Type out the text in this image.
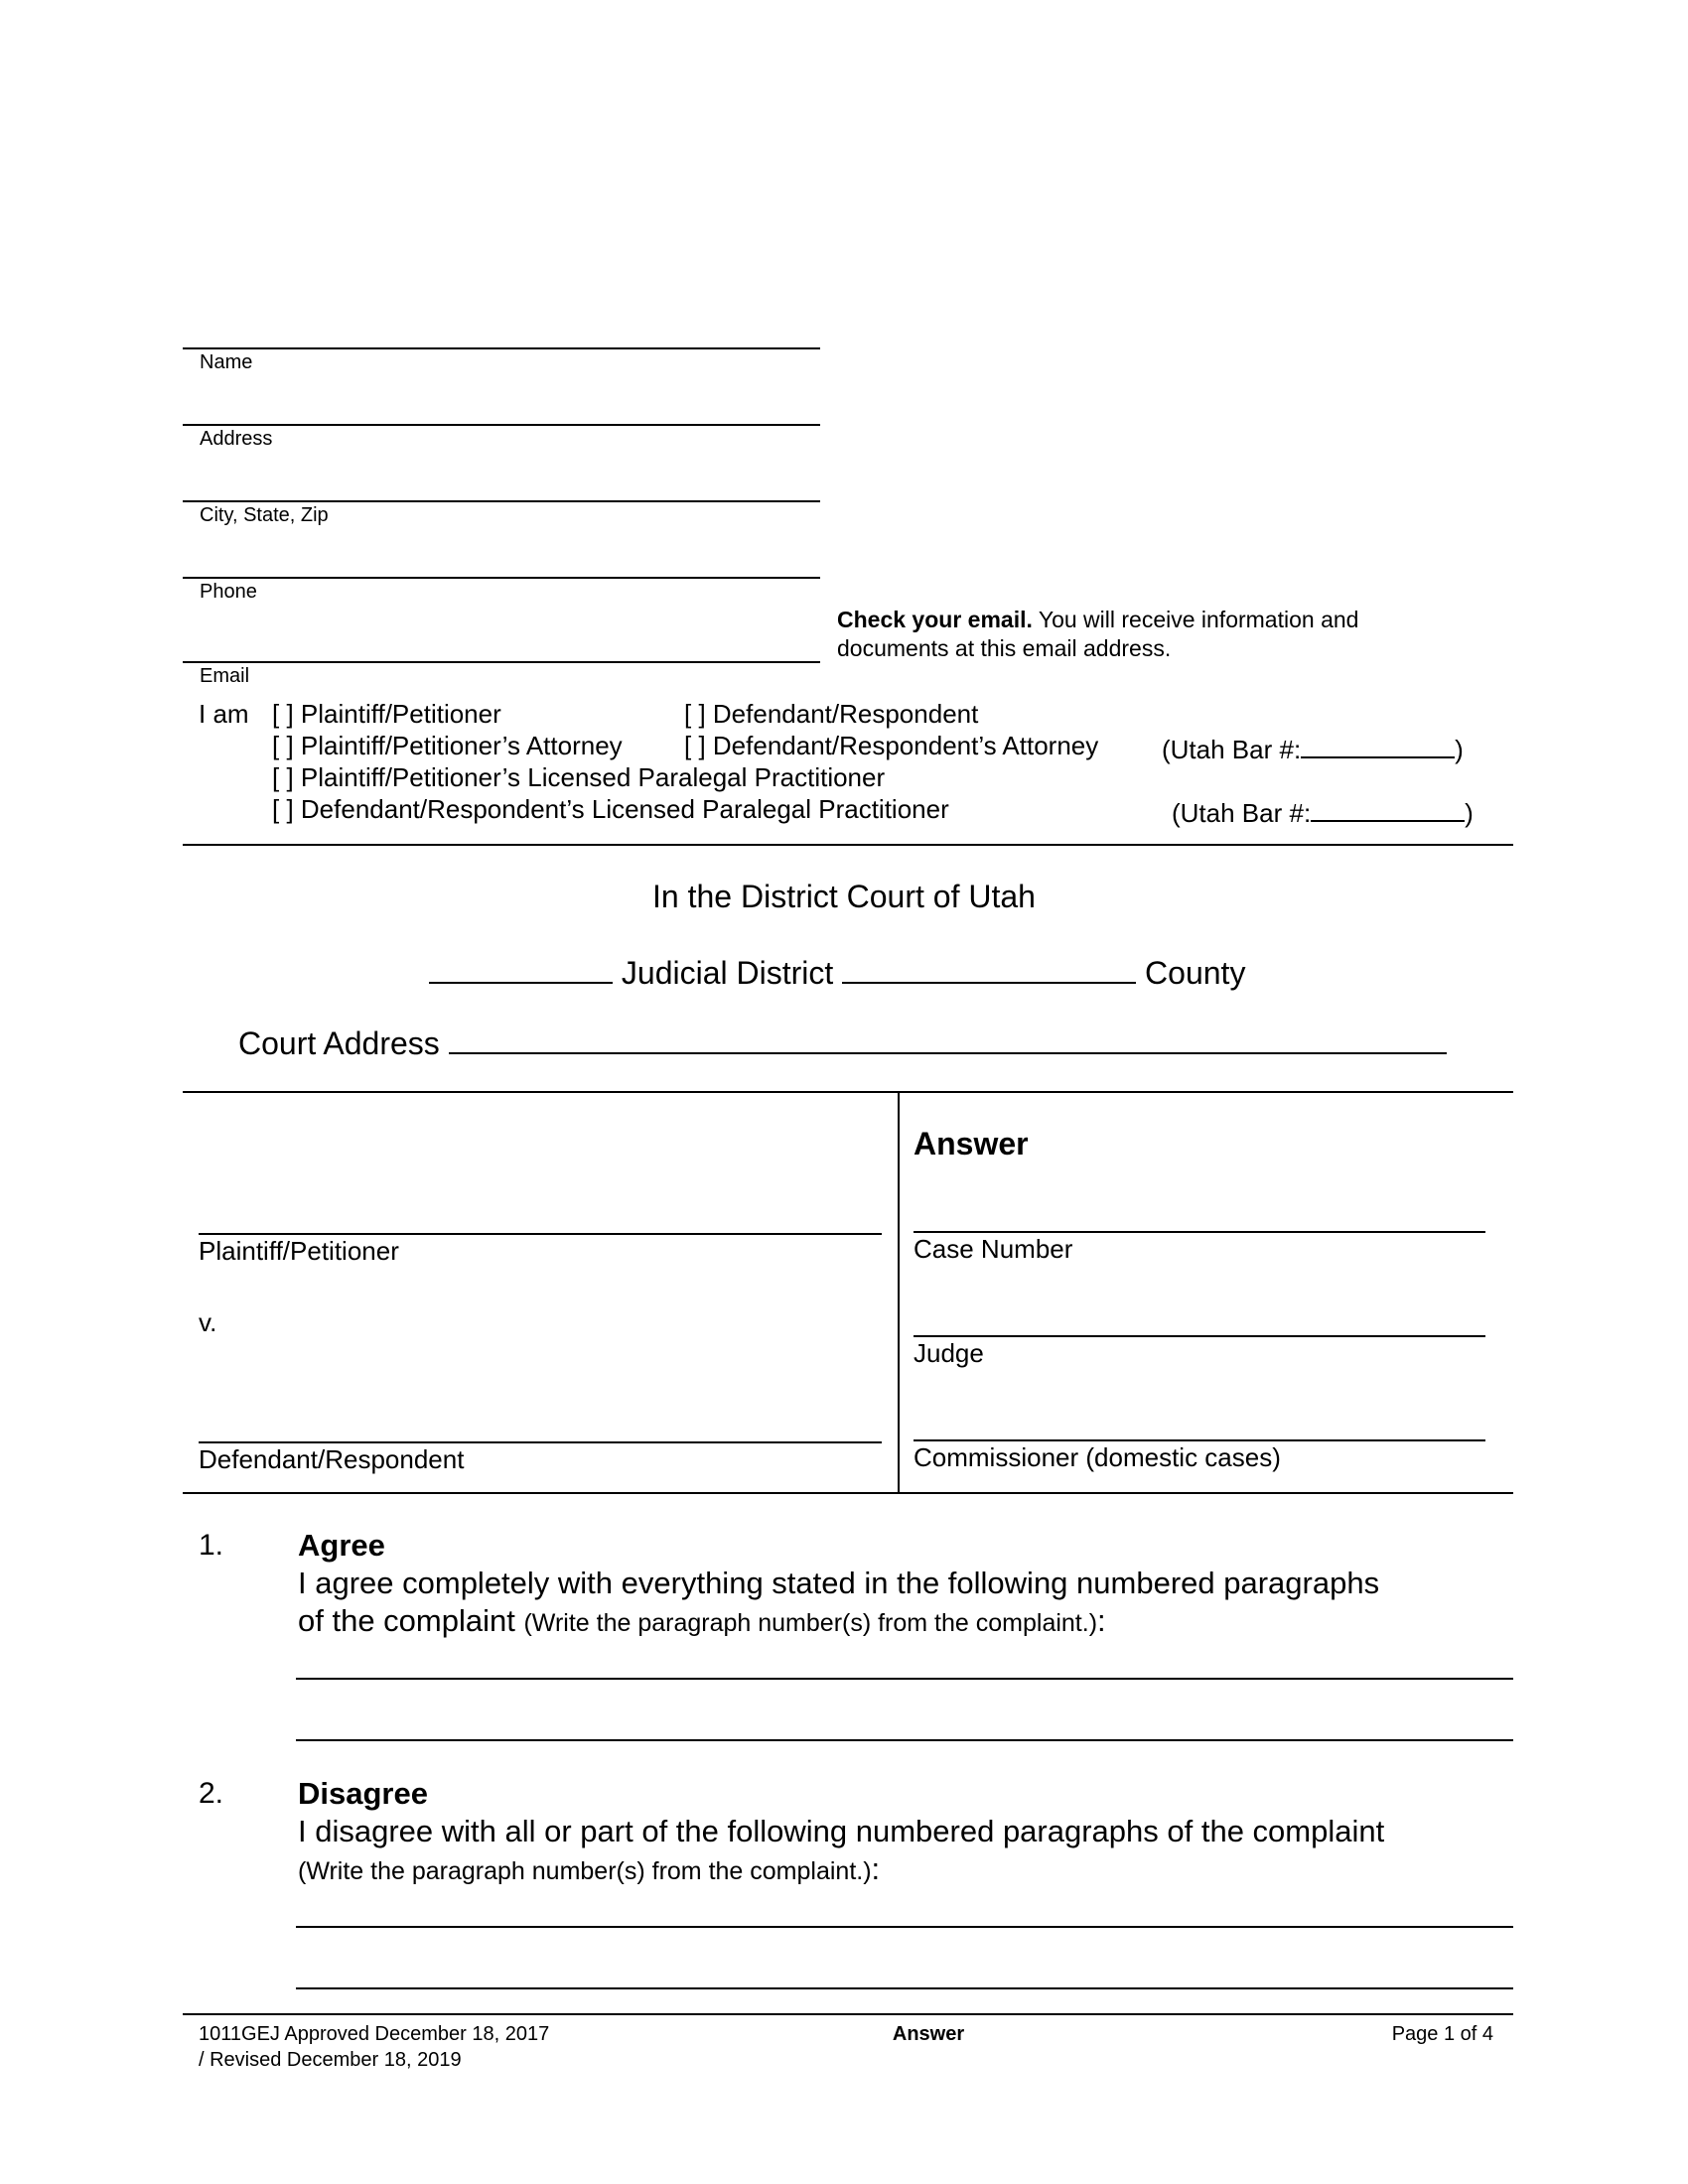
Name
Address
City, State, Zip
Phone
Email
Check your email. You will receive information and
documents at this email address.
I am [ ] Plaintiff/Petitioner	[ ] Defendant/Respondent
[ ] Plaintiff/Petitioner’s Attorney [ ] Defendant/Respondent’s Attorney (Utah Bar #:	)
[ ] Plaintiff/Petitioner’s Licensed Paralegal Practitioner
[ ] Defendant/Respondent’s Licensed Paralegal Practitioner	(Utah Bar #:	)
In the District Court of Utah
Judicial District	County
Court Address
Plaintiff/Petitioner
v.
Defendant/Respondent
Answer
Case Number
Judge
Commissioner (domestic cases)
1. Agree
I agree completely with everything stated in the following numbered paragraphs
of the complaint (Write the paragraph number(s) from the complaint.):
2. Disagree
I disagree with all or part of the following numbered paragraphs of the complaint
(Write the paragraph number(s) from the complaint.):
1011GEJ Approved December 18, 2017
/ Revised December 18, 2019
Answer	Page 1 of 4
